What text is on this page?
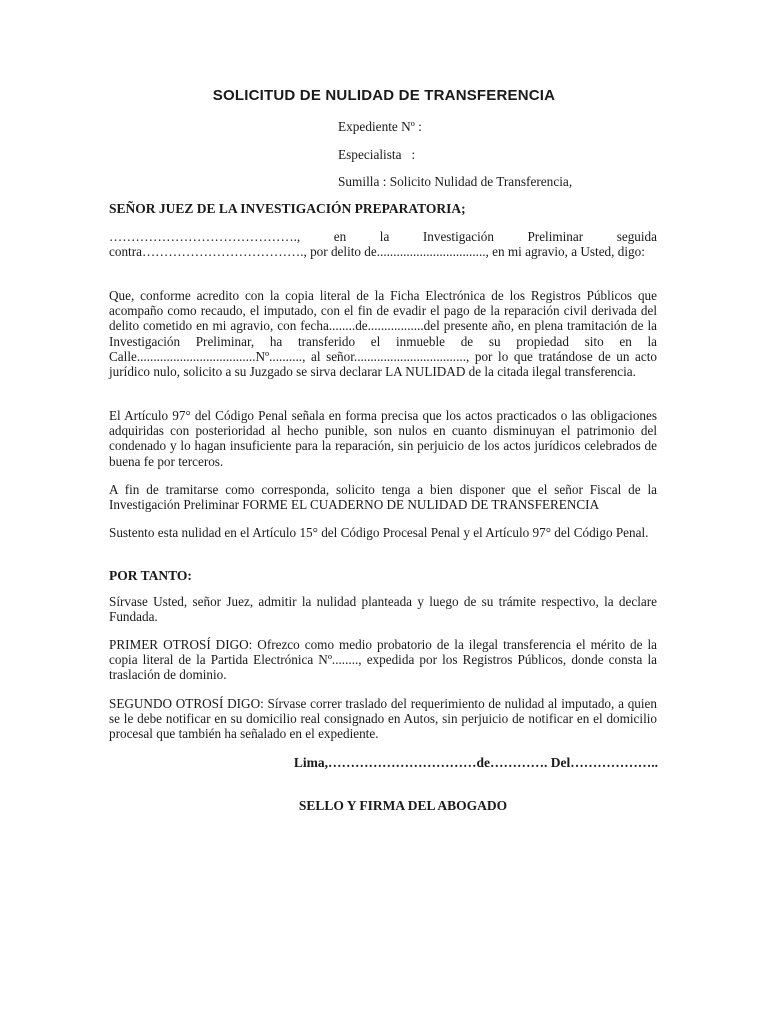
SOLICITUD DE NULIDAD DE TRANSFERENCIA
Expediente Nº :
Especialista :
Sumilla : Solicito Nulidad de Transferencia,
SEÑOR JUEZ DE LA INVESTIGACIÓN PREPARATORIA;

……………………………………., en la Investigación Preliminar seguida contra………………………………., por delito de................................., en mi agravio, a Usted, digo:

Que, conforme acredito con la copia literal de la Ficha Electrónica de los Registros Públicos que acompaño como recaudo, el imputado, con el fin de evadir el pago de la reparación civil derivada del delito cometido en mi agravio, con fecha........de.................del presente año, en plena tramitación de la Investigación Preliminar, ha transferido el inmueble de su propiedad sito en la Calle....................................Nº.........., al señor.................................., por lo que tratándose de un acto jurídico nulo, solicito a su Juzgado se sirva declarar LA NULIDAD de la citada ilegal transferencia.

El Artículo 97° del Código Penal señala en forma precisa que los actos practicados o las obligaciones adquiridas con posterioridad al hecho punible, son nulos en cuanto disminuyan el patrimonio del condenado y lo hagan insuficiente para la reparación, sin perjuicio de los actos jurídicos celebrados de buena fe por terceros.

A fin de tramitarse como corresponda, solicito tenga a bien disponer que el señor Fiscal de la Investigación Preliminar FORME EL CUADERNO DE NULIDAD DE TRANSFERENCIA

Sustento esta nulidad en el Artículo 15° del Código Procesal Penal y el Artículo 97° del Código Penal.

POR TANTO:

Sírvase Usted, señor Juez, admitir la nulidad planteada y luego de su trámite respectivo, la declare Fundada.

PRIMER OTROSÍ DIGO: Ofrezco como medio probatorio de la ilegal transferencia el mérito de la copia literal de la Partida Electrónica Nº........, expedida por los Registros Públicos, donde consta la traslación de dominio.

SEGUNDO OTROSÍ DIGO: Sírvase correr traslado del requerimiento de nulidad al imputado, a quien se le debe notificar en su domicilio real consignado en Autos, sin perjuicio de notificar en el domicilio procesal que también ha señalado en el expediente.

Lima,……………………………de…………. Del………………..
SELLO Y FIRMA DEL ABOGADO
